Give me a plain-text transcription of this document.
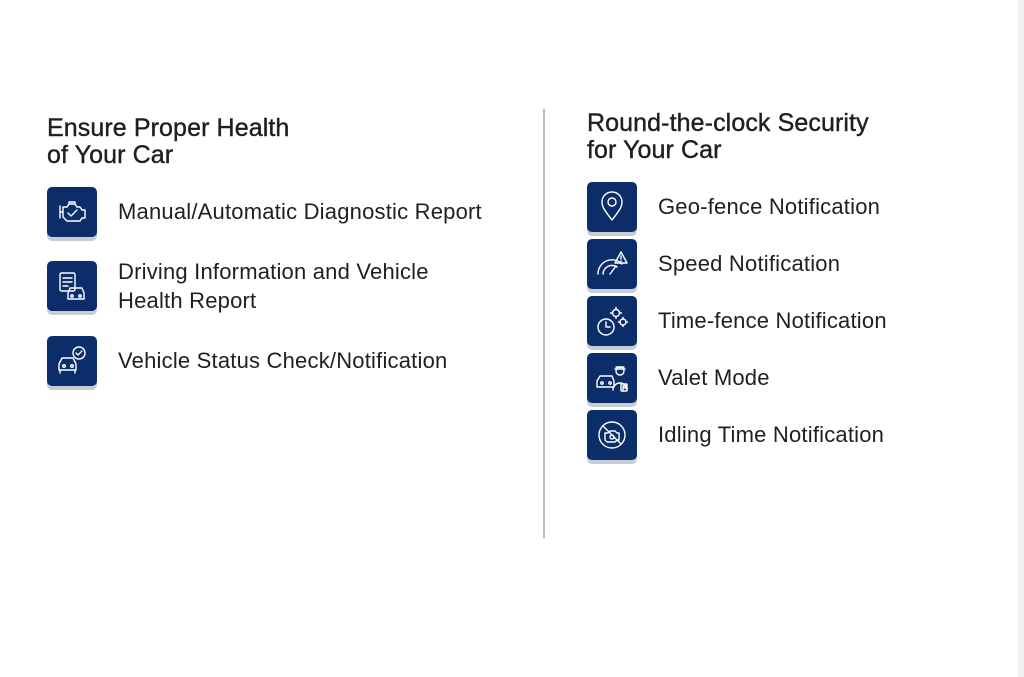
Ensure Proper Health
of Your Car
Manual/Automatic Diagnostic Report
Driving Information and Vehicle
Health Report
Vehicle Status Check/Notification
Round-the-clock Security
for Your Car
Geo-fence Notification
Speed Notification
Time-fence Notification
Valet Mode
Idling Time Notification
